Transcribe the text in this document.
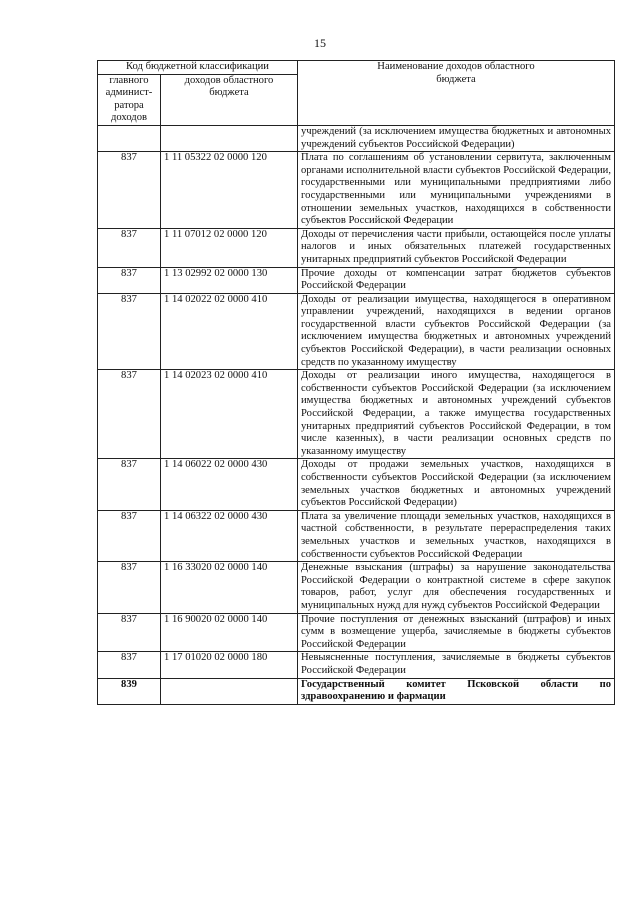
15
Код бюджетной классификации		Наименование доходов областного бюджета
главного админист- ратора доходов	доходов областного бюджета	
		учреждений (за исключением имущества бюджетных и автономных учреждений субъектов Российской Федерации)
837	1 11 05322 02 0000 120	Плата по соглашениям об установлении сервитута, заключенным органами исполнительной власти субъектов Российской Федерации, государственными или муниципальными предприятиями либо государственными или муниципальными учреждениями в отношении земельных участков, находящихся в собственности субъектов Российской Федерации
837	1 11 07012 02 0000 120	Доходы от перечисления части прибыли, остающейся после уплаты налогов и иных обязательных платежей государственных унитарных предприятий субъектов Российской Федерации
837	1 13 02992 02 0000 130	Прочие доходы от компенсации затрат бюджетов субъектов Российской Федерации
837	1 14 02022 02 0000 410	Доходы от реализации имущества, находящегося в оперативном управлении учреждений, находящихся в ведении органов государственной власти субъектов Российской Федерации (за исключением имущества бюджетных и автономных учреждений субъектов Российской Федерации), в части реализации основных средств по указанному имуществу
837	1 14 02023 02 0000 410	Доходы от реализации иного имущества, находящегося в собственности субъектов Российской Федерации (за исключением имущества бюджетных и автономных учреждений субъектов Российской Федерации, а также имущества государственных унитарных предприятий субъектов Российской Федерации, в том числе казенных), в части реализации основных средств по указанному имуществу
837	1 14 06022 02 0000 430	Доходы от продажи земельных участков, находящихся в собственности субъектов Российской Федерации (за исключением земельных участков бюджетных и автономных учреждений субъектов Российской Федерации)
837	1 14 06322 02 0000 430	Плата за увеличение площади земельных участков, находящихся в частной собственности, в результате перераспределения таких земельных участков и земельных участков, находящихся в собственности субъектов Российской Федерации
837	1 16 33020 02 0000 140	Денежные взыскания (штрафы) за нарушение законодательства Российской Федерации о контрактной системе в сфере закупок товаров, работ, услуг для обеспечения государственных и муниципальных нужд для нужд субъектов Российской Федерации
837	1 16 90020 02 0000 140	Прочие поступления от денежных взысканий (штрафов) и иных сумм в возмещение ущерба, зачисляемые в бюджеты субъектов Российской Федерации
837	1 17 01020 02 0000 180	Невыясненные поступления, зачисляемые в бюджеты субъектов Российской Федерации
839		Государственный комитет Псковской области по здравоохранению и фармации
